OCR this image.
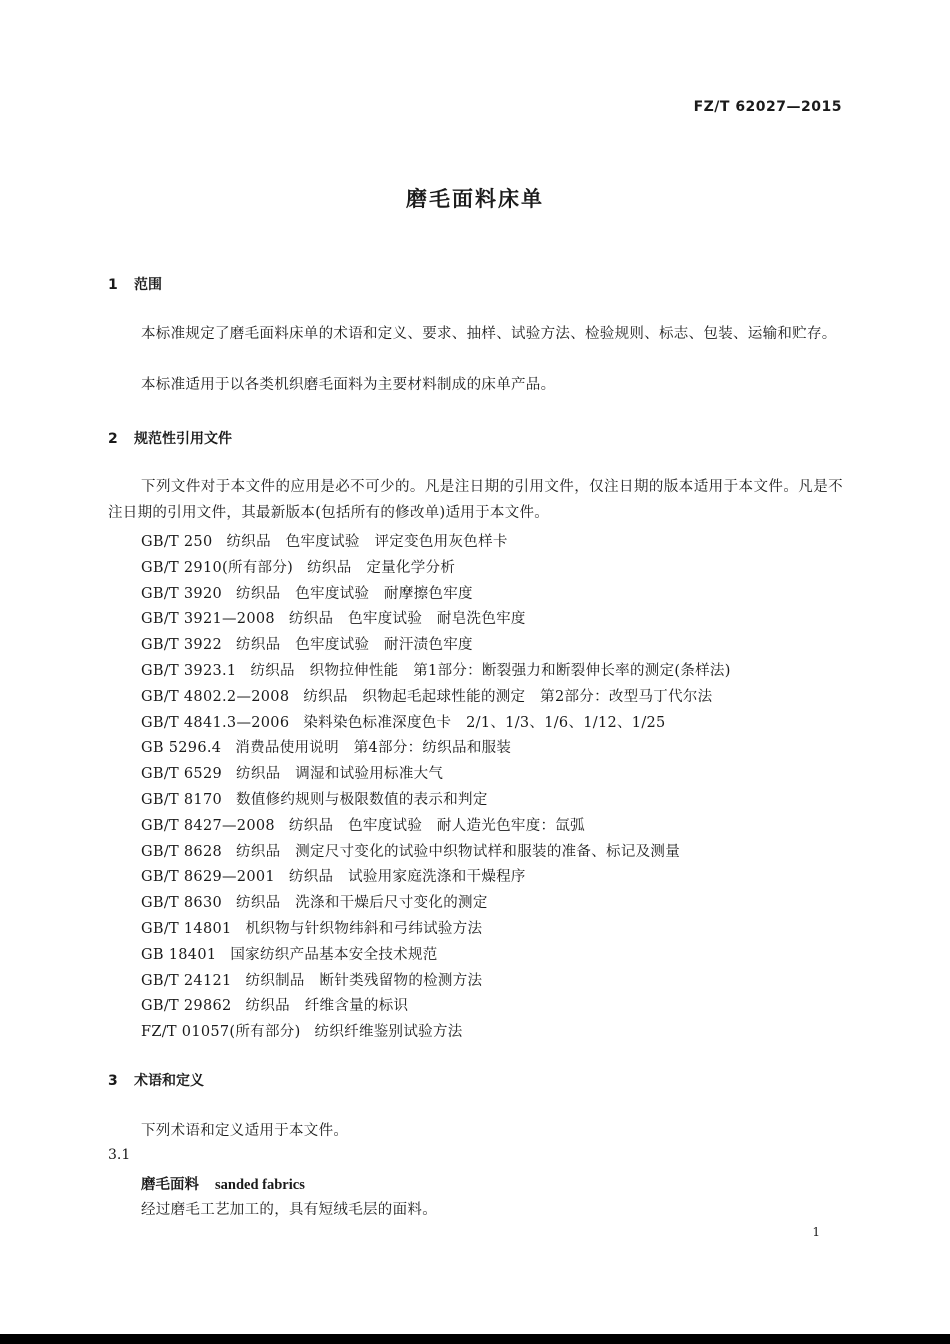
FZ/T 62027—2015
磨毛面料床单
1 范围
本标准规定了磨毛面料床单的术语和定义、要求、抽样、试验方法、检验规则、标志、包装、运输和贮存。
本标准适用于以各类机织磨毛面料为主要材料制成的床单产品。
2 规范性引用文件
下列文件对于本文件的应用是必不可少的。凡是注日期的引用文件，仅注日期的版本适用于本文件。凡是不注日期的引用文件，其最新版本(包括所有的修改单)适用于本文件。
GB/T 250 纺织品　色牢度试验　评定变色用灰色样卡
GB/T 2910(所有部分) 纺织品　定量化学分析
GB/T 3920 纺织品　色牢度试验　耐摩擦色牢度
GB/T 3921—2008 纺织品　色牢度试验　耐皂洗色牢度
GB/T 3922 纺织品　色牢度试验　耐汗渍色牢度
GB/T 3923.1 纺织品　织物拉伸性能　第1部分：断裂强力和断裂伸长率的测定(条样法)
GB/T 4802.2—2008 纺织品　织物起毛起球性能的测定　第2部分：改型马丁代尔法
GB/T 4841.3—2006 染料染色标准深度色卡　2/1、1/3、1/6、1/12、1/25
GB 5296.4 消费品使用说明　第4部分：纺织品和服装
GB/T 6529 纺织品　调湿和试验用标准大气
GB/T 8170 数值修约规则与极限数值的表示和判定
GB/T 8427—2008 纺织品　色牢度试验　耐人造光色牢度：氙弧
GB/T 8628 纺织品　测定尺寸变化的试验中织物试样和服装的准备、标记及测量
GB/T 8629—2001 纺织品　试验用家庭洗涤和干燥程序
GB/T 8630 纺织品　洗涤和干燥后尺寸变化的测定
GB/T 14801 机织物与针织物纬斜和弓纬试验方法
GB 18401 国家纺织产品基本安全技术规范
GB/T 24121 纺织制品　断针类残留物的检测方法
GB/T 29862 纺织品　纤维含量的标识
FZ/T 01057(所有部分) 纺织纤维鉴别试验方法
3 术语和定义
下列术语和定义适用于本文件。
3.1
磨毛面料 sanded fabrics
经过磨毛工艺加工的，具有短绒毛层的面料。
1
